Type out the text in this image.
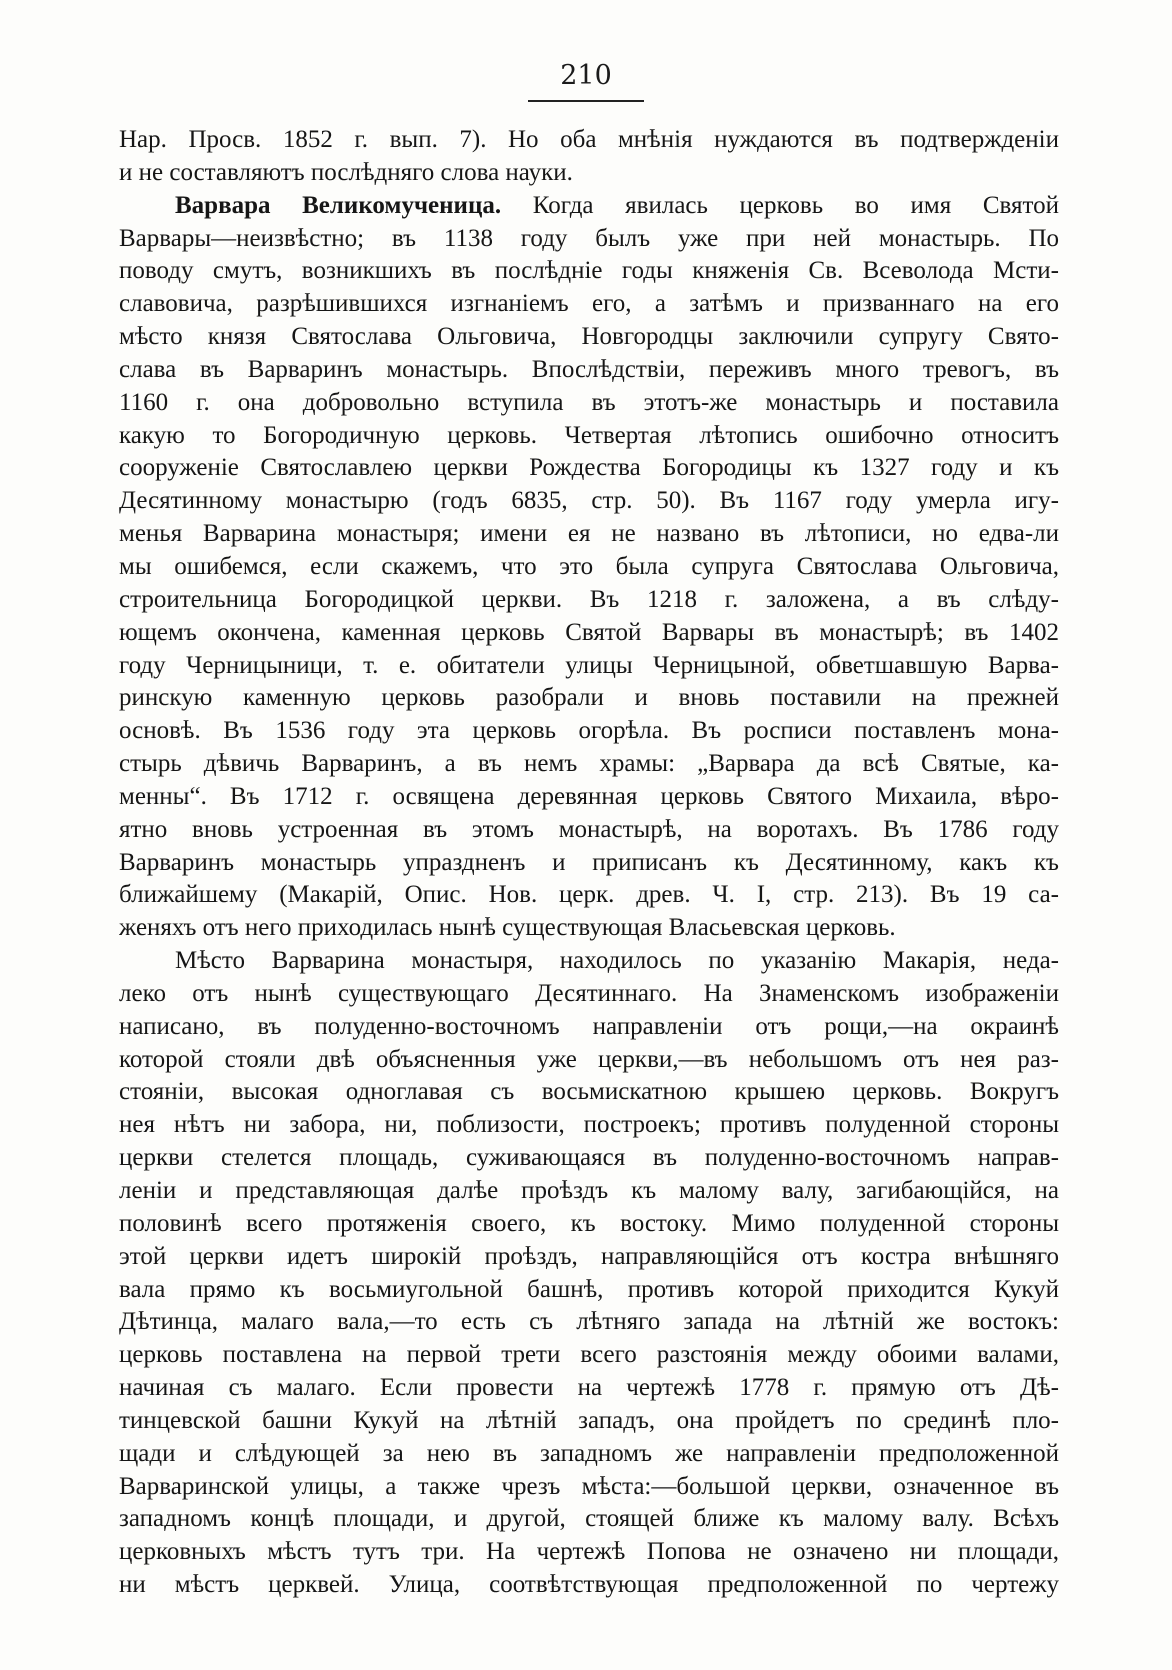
210
Нар. Просв. 1852 г. вып. 7). Но оба мнѣнія нуждаются въ подтвержденіи
и не составляютъ послѣдняго слова науки.
Варвара Великомученица. Когда явилась церковь во имя Святой
Варвары—неизвѣстно; въ 1138 году былъ уже при ней монастырь. По
поводу смутъ, возникшихъ въ послѣдніе годы княженія Св. Всеволода Мсти-
славовича, разрѣшившихся изгнаніемъ его, а затѣмъ и призваннаго на его
мѣсто князя Святослава Ольговича, Новгородцы заключили супругу Свято-
слава въ Варваринъ монастырь. Впослѣдствіи, переживъ много тревогъ, въ
1160 г. она добровольно вступила въ этотъ-же монастырь и поставила
какую то Богородичную церковь. Четвертая лѣтопись ошибочно относитъ
сооруженіе Святославлею церкви Рождества Богородицы къ 1327 году и къ
Десятинному монастырю (годъ 6835, стр. 50). Въ 1167 году умерла игу-
менья Варварина монастыря; имени ея не названо въ лѣтописи, но едва-ли
мы ошибемся, если скажемъ, что это была супруга Святослава Ольговича,
строительница Богородицкой церкви. Въ 1218 г. заложена, а въ слѣду-
ющемъ окончена, каменная церковь Святой Варвары въ монастырѣ; въ 1402
году Черницыници, т. е. обитатели улицы Черницыной, обветшавшую Варва-
ринскую каменную церковь разобрали и вновь поставили на прежней
основѣ. Въ 1536 году эта церковь огорѣла. Въ росписи поставленъ мона-
стырь дѣвичь Варваринъ, а въ немъ храмы: „Варвара да всѣ Святые, ка-
менны“. Въ 1712 г. освящена деревянная церковь Святого Михаила, вѣро-
ятно вновь устроенная въ этомъ монастырѣ, на воротахъ. Въ 1786 году
Варваринъ монастырь упраздненъ и приписанъ къ Десятинному, какъ къ
ближайшему (Макарій, Опис. Нов. церк. древ. Ч. I, стр. 213). Въ 19 са-
женяхъ отъ него приходилась нынѣ существующая Власьевская церковь.
Мѣсто Варварина монастыря, находилось по указанію Макарія, неда-
леко отъ нынѣ существующаго Десятиннаго. На Знаменскомъ изображеніи
написано, въ полуденно-восточномъ направленіи отъ рощи,—на окраинѣ
которой стояли двѣ объясненныя уже церкви,—въ небольшомъ отъ нея раз-
стояніи, высокая одноглавая съ восьмискатною крышею церковь. Вокругъ
нея нѣтъ ни забора, ни, поблизости, построекъ; противъ полуденной стороны
церкви стелется площадь, суживающаяся въ полуденно-восточномъ направ-
леніи и представляющая далѣе проѣздъ къ малому валу, загибающійся, на
половинѣ всего протяженія своего, къ востоку. Мимо полуденной стороны
этой церкви идетъ широкій проѣздъ, направляющійся отъ костра внѣшняго
вала прямо къ восьмиугольной башнѣ, противъ которой приходится Кукуй
Дѣтинца, малаго вала,—то есть съ лѣтняго запада на лѣтній же востокъ:
церковь поставлена на первой трети всего разстоянія между обоими валами,
начиная съ малаго. Если провести на чертежѣ 1778 г. прямую отъ Дѣ-
тинцевской башни Кукуй на лѣтній западъ, она пройдетъ по срединѣ пло-
щади и слѣдующей за нею въ западномъ же направленіи предположенной
Варваринской улицы, а также чрезъ мѣста:—большой церкви, означенное въ
западномъ концѣ площади, и другой, стоящей ближе къ малому валу. Всѣхъ
церковныхъ мѣстъ тутъ три. На чертежѣ Попова не означено ни площади,
ни мѣстъ церквей. Улица, соотвѣтствующая предположенной по чертежу
